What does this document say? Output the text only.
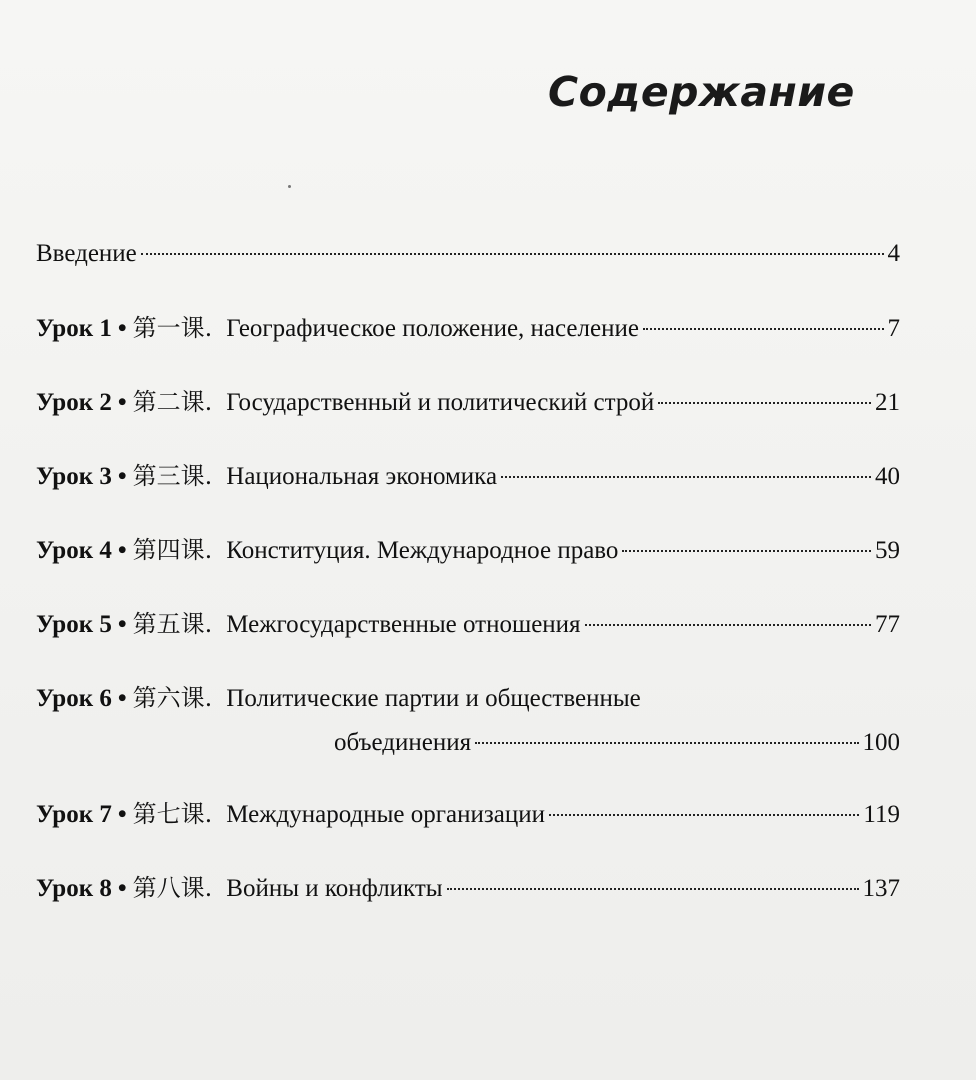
Содержание
Введение	4
Урок 1 • 第一课. Географическое положение, население	7
Урок 2 • 第二课. Государственный и политический строй	21
Урок 3 • 第三课. Национальная экономика	40
Урок 4 • 第四课. Конституция. Международное право	59
Урок 5 • 第五课. Межгосударственные отношения	77
Урок 6 • 第六课. Политические партии и общественные
объединения	100
Урок 7 • 第七课. Международные организации	119
Урок 8 • 第八课. Войны и конфликты	137
